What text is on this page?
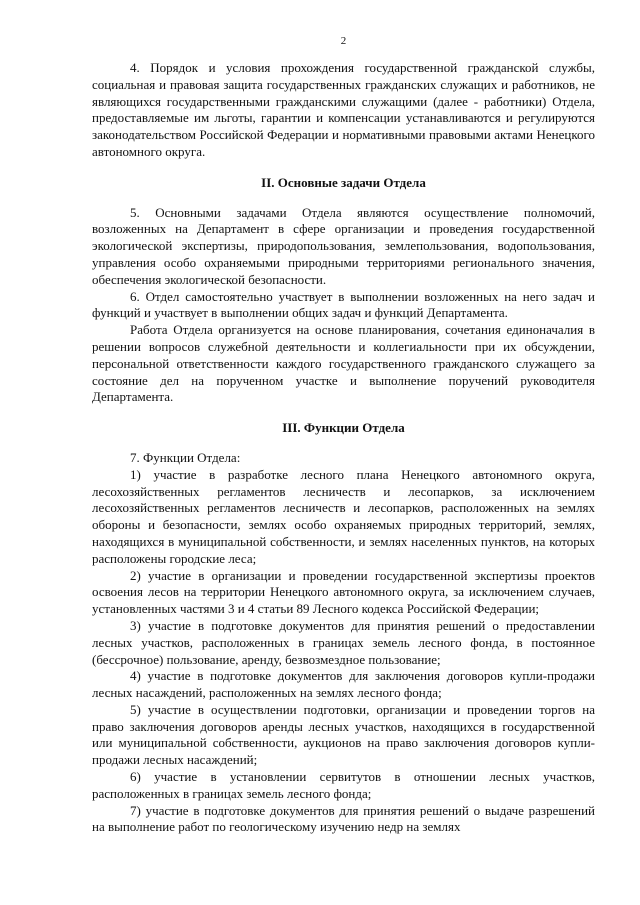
2

4. Порядок и условия прохождения государственной гражданской службы, социальная и правовая защита государственных гражданских служащих и работников, не являющихся государственными гражданскими служащими (далее - работники) Отдела, предоставляемые им льготы, гарантии и компенсации устанавливаются и регулируются законодательством Российской Федерации и нормативными правовыми актами Ненецкого автономного округа.

II. Основные задачи Отдела

5. Основными задачами Отдела являются осуществление полномочий, возложенных на Департамент в сфере организации и проведения государственной экологической экспертизы, природопользования, землепользования, водопользования, управления особо охраняемыми природными территориями регионального значения, обеспечения экологической безопасности.

6. Отдел самостоятельно участвует в выполнении возложенных на него задач и функций и участвует в выполнении общих задач и функций Департамента.

Работа Отдела организуется на основе планирования, сочетания единоначалия в решении вопросов служебной деятельности и коллегиальности при их обсуждении, персональной ответственности каждого государственного гражданского служащего за состояние дел на порученном участке и выполнение поручений руководителя Департамента.

III. Функции Отдела

7. Функции Отдела:

1) участие в разработке лесного плана Ненецкого автономного округа, лесохозяйственных регламентов лесничеств и лесопарков, за исключением лесохозяйственных регламентов лесничеств и лесопарков, расположенных на землях обороны и безопасности, землях особо охраняемых природных территорий, землях, находящихся в муниципальной собственности, и землях населенных пунктов, на которых расположены городские леса;

2) участие в организации и проведении государственной экспертизы проектов освоения лесов на территории Ненецкого автономного округа, за исключением случаев, установленных частями 3 и 4 статьи 89 Лесного кодекса Российской Федерации;

3) участие в подготовке документов для принятия решений о предоставлении лесных участков, расположенных в границах земель лесного фонда, в постоянное (бессрочное) пользование, аренду, безвозмездное пользование;

4) участие в подготовке документов для заключения договоров купли-продажи лесных насаждений, расположенных на землях лесного фонда;

5) участие в осуществлении подготовки, организации и проведении торгов на право заключения договоров аренды лесных участков, находящихся в государственной или муниципальной собственности, аукционов на право заключения договоров купли-продажи лесных насаждений;

6) участие в установлении сервитутов в отношении лесных участков, расположенных в границах земель лесного фонда;

7) участие в подготовке документов для принятия решений о выдаче разрешений на выполнение работ по геологическому изучению недр на землях
